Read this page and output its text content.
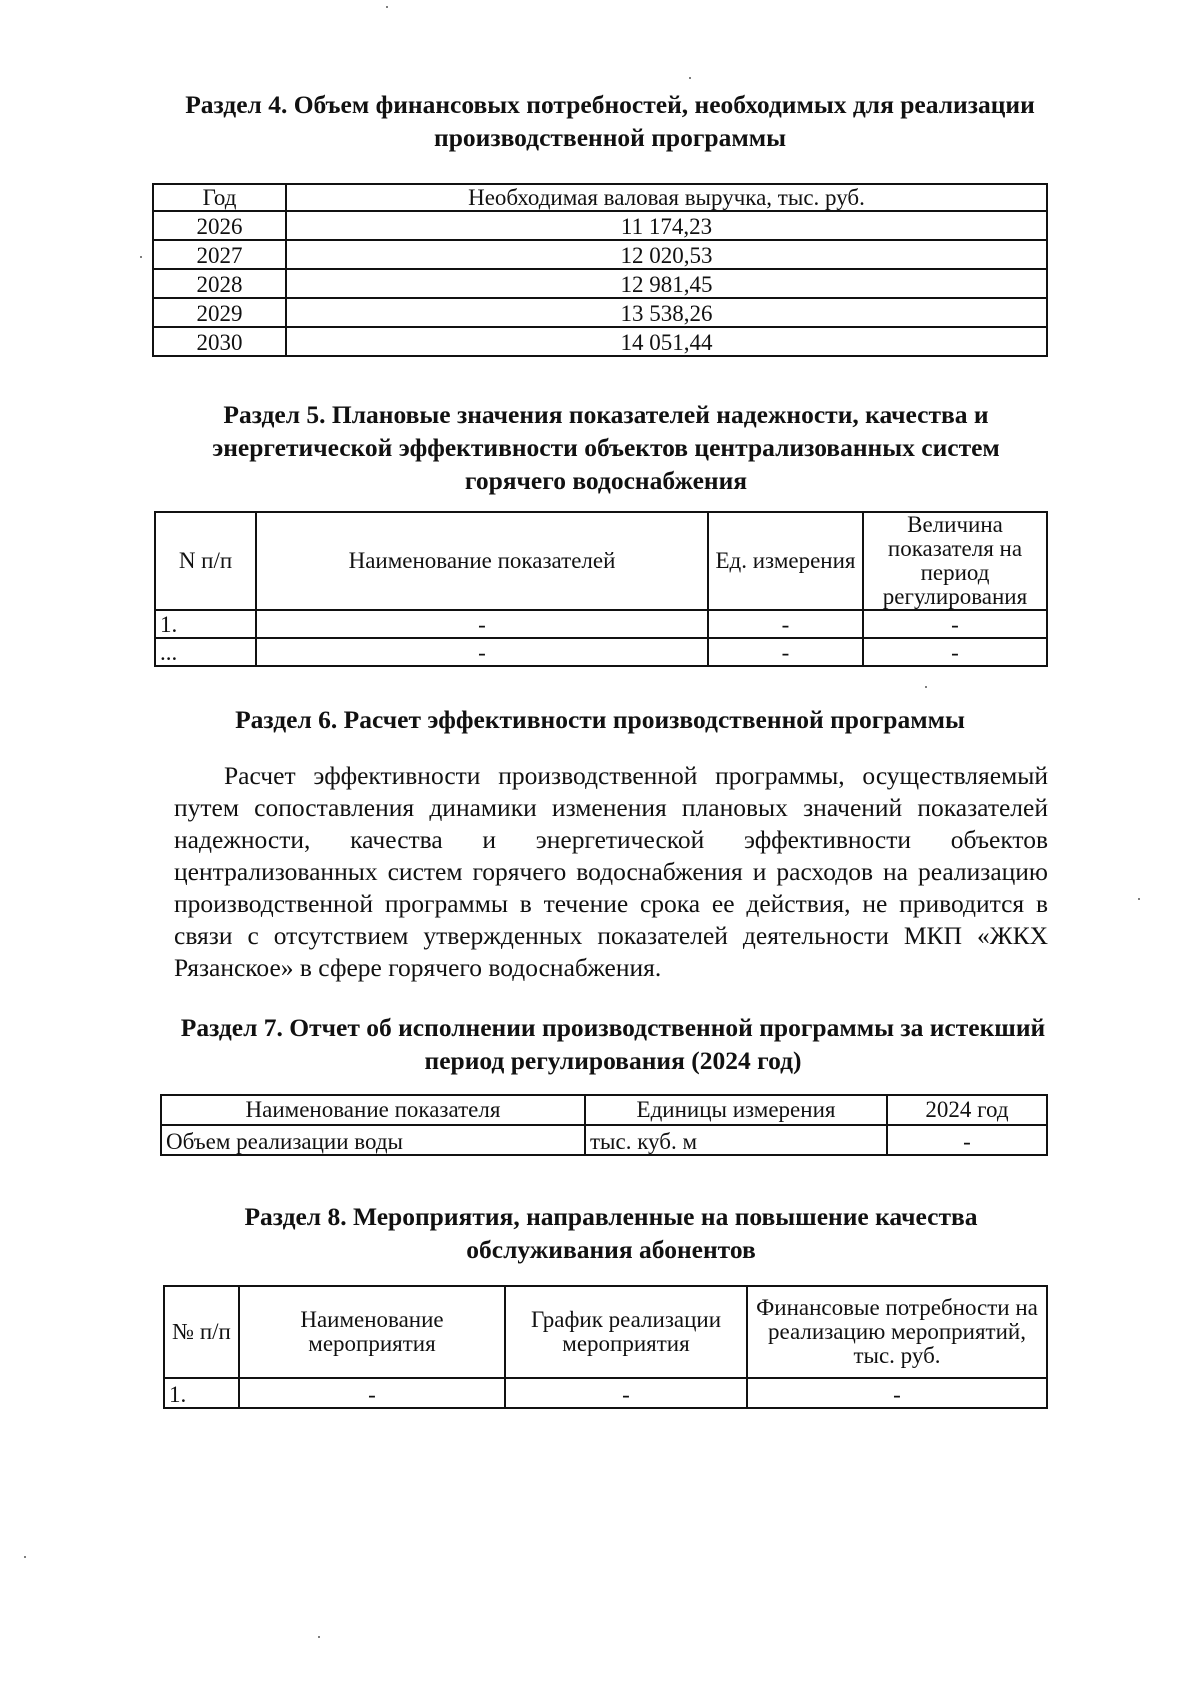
Раздел 4. Объем финансовых потребностей, необходимых для реализации производственной программы
Год	Необходимая валовая выручка, тыс. руб.
2026	11 174,23
2027	12 020,53
2028	12 981,45
2029	13 538,26
2030	14 051,44
Раздел 5. Плановые значения показателей надежности, качества и энергетической эффективности объектов централизованных систем горячего водоснабжения
N п/п	Наименование показателей	Ед. измерения	Величина показателя на период регулирования
1.	-	-	-
...	-	-	-
Раздел 6. Расчет эффективности производственной программы

Расчет эффективности производственной программы, осуществляемый путем сопоставления динамики изменения плановых значений показателей надежности, качества и энергетической эффективности объектов централизованных систем горячего водоснабжения и расходов на реализацию производственной программы в течение срока ее действия, не приводится в связи с отсутствием утвержденных показателей деятельности МКП «ЖКХ Рязанское» в сфере горячего водоснабжения.

Раздел 7. Отчет об исполнении производственной программы за истекший период регулирования (2024 год)
Наименование показателя	Единицы измерения	2024 год
Объем реализации воды	тыс. куб. м	-
Раздел 8. Мероприятия, направленные на повышение качества обслуживания абонентов
№ п/п	Наименование мероприятия	График реализации мероприятия	Финансовые потребности на реализацию мероприятий, тыс. руб.
1.	-	-	-
